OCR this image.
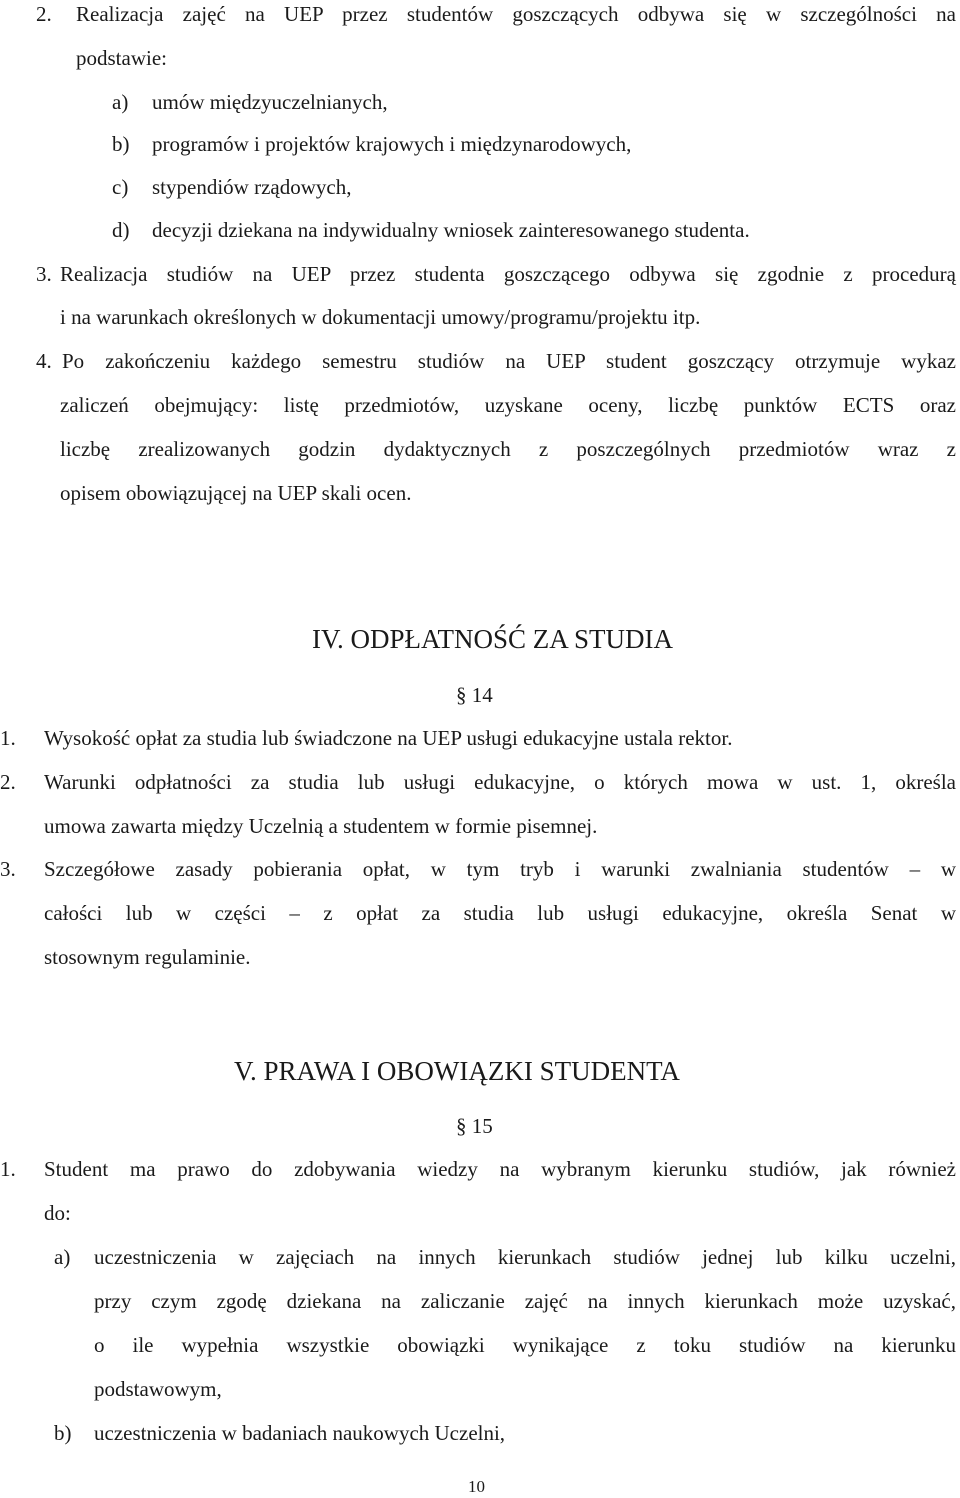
2. Realizacja zajęć na UEP przez studentów goszczących odbywa się w szczególności na
podstawie:
a) umów międzyuczelnianych,
b) programów i projektów krajowych i międzynarodowych,
c) stypendiów rządowych,
d) decyzji dziekana na indywidualny wniosek zainteresowanego studenta.
3. Realizacja studiów na UEP przez studenta goszczącego odbywa się zgodnie z procedurą
i na warunkach określonych w dokumentacji umowy/programu/projektu itp.
4. Po zakończeniu każdego semestru studiów na UEP student goszczący otrzymuje wykaz
zaliczeń obejmujący: listę przedmiotów, uzyskane oceny, liczbę punktów ECTS oraz
liczbę zrealizowanych godzin dydaktycznych z poszczególnych przedmiotów wraz z
opisem obowiązującej na UEP skali ocen.
IV. ODPŁATNOŚĆ ZA STUDIA
§ 14
1. Wysokość opłat za studia lub świadczone na UEP usługi edukacyjne ustala rektor.
2. Warunki odpłatności za studia lub usługi edukacyjne, o których mowa w ust. 1, określa
umowa zawarta między Uczelnią a studentem w formie pisemnej.
3. Szczegółowe zasady pobierania opłat, w tym tryb i warunki zwalniania studentów – w
całości lub w części – z opłat za studia lub usługi edukacyjne, określa Senat w
stosownym regulaminie.
V. PRAWA I OBOWIĄZKI STUDENTA
§ 15
1. Student ma prawo do zdobywania wiedzy na wybranym kierunku studiów, jak również
do:
a) uczestniczenia w zajęciach na innych kierunkach studiów jednej lub kilku uczelni,
przy czym zgodę dziekana na zaliczanie zajęć na innych kierunkach może uzyskać,
o ile wypełnia wszystkie obowiązki wynikające z toku studiów na kierunku
podstawowym,
b) uczestniczenia w badaniach naukowych Uczelni,
10
